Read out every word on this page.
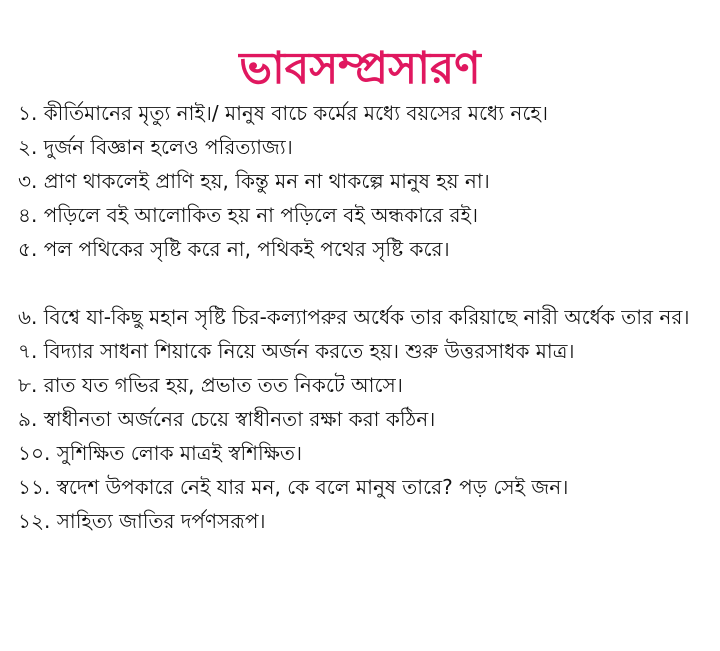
ভাবসম্প্রসারণ
১. কীর্তিমানের মৃত্যু নাই।/ মানুষ বাচে কর্মের মধ্যে বয়সের মধ্যে নহে।
২. দুর্জন বিজ্ঞান হলেও পরিত্যাজ্য।
৩. প্রাণ থাকলেই প্রাণি হয়, কিন্তু মন না থাকল্পে মানুষ হয় না।
৪. পড়িলে বই আলোকিত হয় না পড়িলে বই অন্ধকারে রই।
৫. পল পথিকের সৃষ্টি করে না, পথিকই পথের সৃষ্টি করে।
৬. বিশ্বে যা-কিছু মহান সৃষ্টি চির-কল্যাপরুর অর্ধেক তার করিয়াছে নারী অর্ধেক তার নর।
৭. বিদ্যার সাধনা শিয়াকে নিয়ে অর্জন করতে হয়। শুরু উত্তরসাধক মাত্র।
৮. রাত যত গভির হয়, প্রভাত তত নিকটে আসে।
৯. স্বাধীনতা অর্জনের চেয়ে স্বাধীনতা রক্ষা করা কঠিন।
১০. সুশিক্ষিত লোক মাত্রই স্বশিক্ষিত।
১১. স্বদেশ উপকারে নেই যার মন, কে বলে মানুষ তারে? পড় সেই জন।
১২. সাহিত্য জাতির দর্পণসরূপ।
